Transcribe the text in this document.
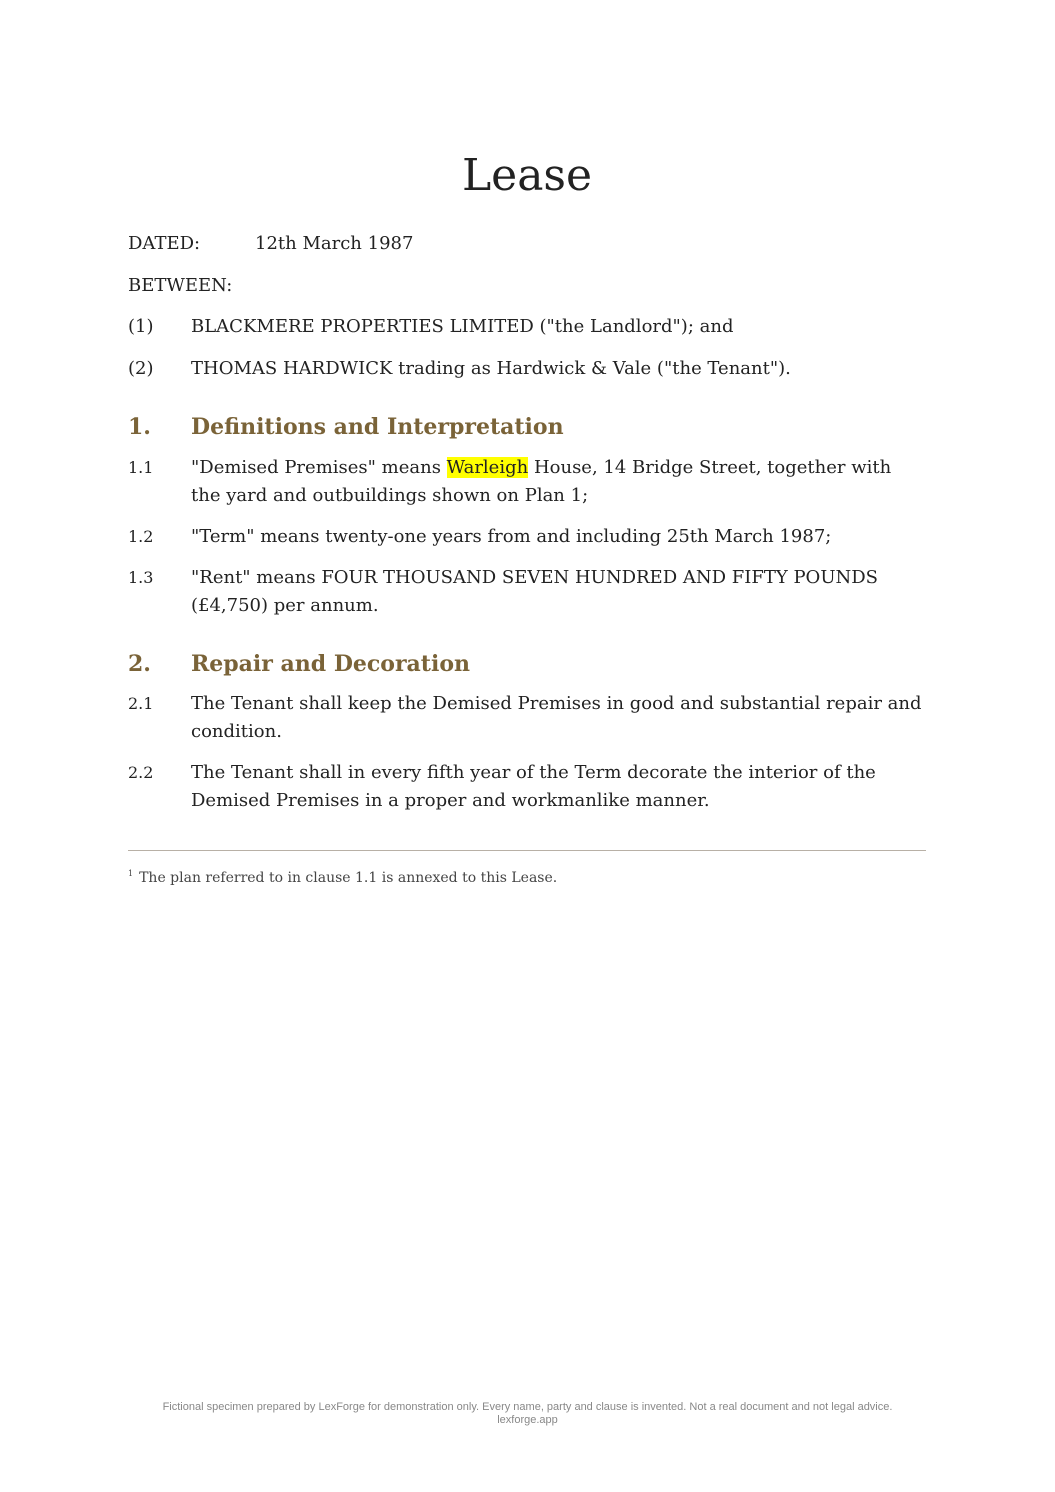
Lease
DATED:	12th March 1987
BETWEEN:
(1)	BLACKMERE PROPERTIES LIMITED ("the Landlord"); and
(2)	THOMAS HARDWICK trading as Hardwick & Vale ("the Tenant").
1.	Definitions and Interpretation
1.1	"Demised Premises" means Warleigh House, 14 Bridge Street, together with the yard and outbuildings shown on Plan 1;
1.2	"Term" means twenty-one years from and including 25th March 1987;
1.3	"Rent" means FOUR THOUSAND SEVEN HUNDRED AND FIFTY POUNDS (£4,750) per annum.
2.	Repair and Decoration
2.1	The Tenant shall keep the Demised Premises in good and substantial repair and condition.
2.2	The Tenant shall in every fifth year of the Term decorate the interior of the Demised Premises in a proper and workmanlike manner.
$^1$ The plan referred to in clause 1.1 is annexed to this Lease.
Fictional specimen prepared by LexForge for demonstration only. Every name, party and clause is invented. Not a real document and not legal advice.
lexforge.app
